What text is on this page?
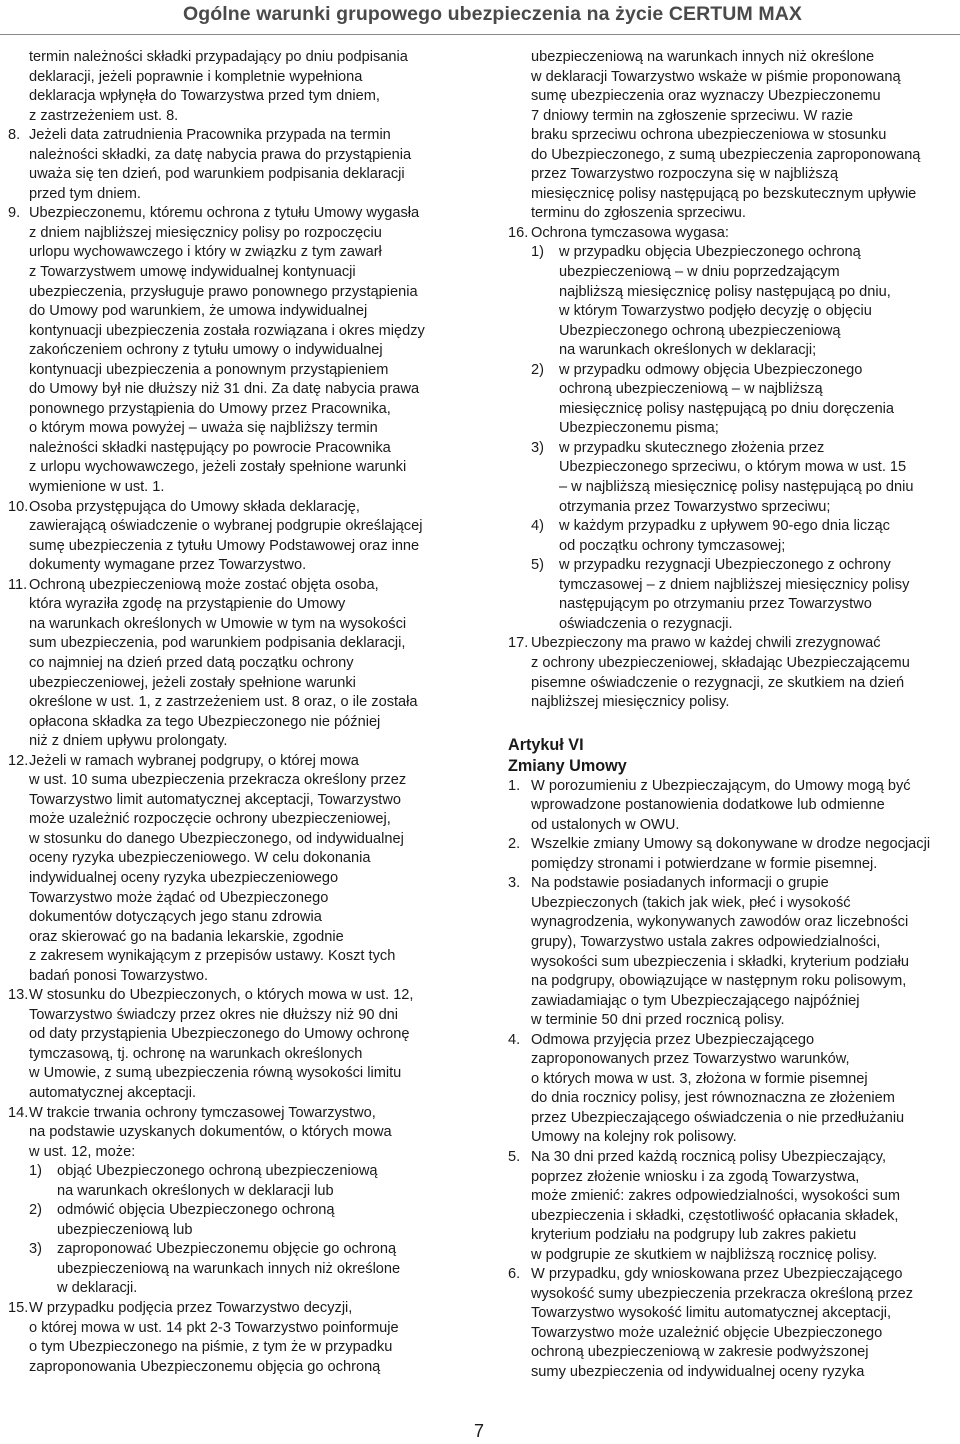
Ogólne warunki grupowego ubezpieczenia na życie CERTUM MAX
termin należności składki przypadający po dniu podpisania
deklaracji, jeżeli poprawnie i kompletnie wypełniona
deklaracja wpłynęła do Towarzystwa przed tym dniem,
z zastrzeżeniem ust. 8.
8. Jeżeli data zatrudnienia Pracownika przypada na termin
należności składki, za datę nabycia prawa do przystąpienia
uważa się ten dzień, pod warunkiem podpisania deklaracji
przed tym dniem.
9. Ubezpieczonemu, któremu ochrona z tytułu Umowy wygasła
z dniem najbliższej miesięcznicy polisy po rozpoczęciu
urlopu wychowawczego i który w związku z tym zawarł
z Towarzystwem umowę indywidualnej kontynuacji
ubezpieczenia, przysługuje prawo ponownego przystąpienia
do Umowy pod warunkiem, że umowa indywidualnej
kontynuacji ubezpieczenia została rozwiązana i okres między
zakończeniem ochrony z tytułu umowy o indywidualnej
kontynuacji ubezpieczenia a ponownym przystąpieniem
do Umowy był nie dłuższy niż 31 dni. Za datę nabycia prawa
ponownego przystąpienia do Umowy przez Pracownika,
o którym mowa powyżej – uważa się najbliższy termin
należności składki następujący po powrocie Pracownika
z urlopu wychowawczego, jeżeli zostały spełnione warunki
wymienione w ust. 1.
10. Osoba przystępująca do Umowy składa deklarację,
zawierającą oświadczenie o wybranej podgrupie określającej
sumę ubezpieczenia z tytułu Umowy Podstawowej oraz inne
dokumenty wymagane przez Towarzystwo.
11. Ochroną ubezpieczeniową może zostać objęta osoba,
która wyraziła zgodę na przystąpienie do Umowy
na warunkach określonych w Umowie w tym na wysokości
sum ubezpieczenia, pod warunkiem podpisania deklaracji,
co najmniej na dzień przed datą początku ochrony
ubezpieczeniowej, jeżeli zostały spełnione warunki
określone w ust. 1, z zastrzeżeniem ust. 8 oraz, o ile została
opłacona składka za tego Ubezpieczonego nie później
niż z dniem upływu prolongaty.
12. Jeżeli w ramach wybranej podgrupy, o której mowa
w ust. 10 suma ubezpieczenia przekracza określony przez
Towarzystwo limit automatycznej akceptacji, Towarzystwo
może uzależnić rozpoczęcie ochrony ubezpieczeniowej,
w stosunku do danego Ubezpieczonego, od indywidualnej
oceny ryzyka ubezpieczeniowego. W celu dokonania
indywidualnej oceny ryzyka ubezpieczeniowego
Towarzystwo może żądać od Ubezpieczonego
dokumentów dotyczących jego stanu zdrowia
oraz skierować go na badania lekarskie, zgodnie
z zakresem wynikającym z przepisów ustawy. Koszt tych
badań ponosi Towarzystwo.
13. W stosunku do Ubezpieczonych, o których mowa w ust. 12,
Towarzystwo świadczy przez okres nie dłuższy niż 90 dni
od daty przystąpienia Ubezpieczonego do Umowy ochronę
tymczasową, tj. ochronę na warunkach określonych
w Umowie, z sumą ubezpieczenia równą wysokości limitu
automatycznej akceptacji.
14. W trakcie trwania ochrony tymczasowej Towarzystwo,
na podstawie uzyskanych dokumentów, o których mowa
w ust. 12, może:
1) objąć Ubezpieczonego ochroną ubezpieczeniową
na warunkach określonych w deklaracji lub
2) odmówić objęcia Ubezpieczonego ochroną
ubezpieczeniową lub
3) zaproponować Ubezpieczonemu objęcie go ochroną
ubezpieczeniową na warunkach innych niż określone
w deklaracji.
15. W przypadku podjęcia przez Towarzystwo decyzji,
o której mowa w ust. 14 pkt 2-3 Towarzystwo poinformuje
o tym Ubezpieczonego na piśmie, z tym że w przypadku
zaproponowania Ubezpieczonemu objęcia go ochroną
ubezpieczeniową na warunkach innych niż określone
w deklaracji Towarzystwo wskaże w piśmie proponowaną
sumę ubezpieczenia oraz wyznaczy Ubezpieczonemu
7 dniowy termin na zgłoszenie sprzeciwu. W razie
braku sprzeciwu ochrona ubezpieczeniowa w stosunku
do Ubezpieczonego, z sumą ubezpieczenia zaproponowaną
przez Towarzystwo rozpoczyna się w najbliższą
miesięcznicę polisy następującą po bezskutecznym upływie
terminu do zgłoszenia sprzeciwu.
16. Ochrona tymczasowa wygasa:
1) w przypadku objęcia Ubezpieczonego ochroną
ubezpieczeniową – w dniu poprzedzającym
najbliższą miesięcznicę polisy następującą po dniu,
w którym Towarzystwo podjęło decyzję o objęciu
Ubezpieczonego ochroną ubezpieczeniową
na warunkach określonych w deklaracji;
2) w przypadku odmowy objęcia Ubezpieczonego
ochroną ubezpieczeniową – w najbliższą
miesięcznicę polisy następującą po dniu doręczenia
Ubezpieczonemu pisma;
3) w przypadku skutecznego złożenia przez
Ubezpieczonego sprzeciwu, o którym mowa w ust. 15
– w najbliższą miesięcznicę polisy następującą po dniu
otrzymania przez Towarzystwo sprzeciwu;
4) w każdym przypadku z upływem 90-ego dnia licząc
od początku ochrony tymczasowej;
5) w przypadku rezygnacji Ubezpieczonego z ochrony
tymczasowej – z dniem najbliższej miesięcznicy polisy
następującym po otrzymaniu przez Towarzystwo
oświadczenia o rezygnacji.
17. Ubezpieczony ma prawo w każdej chwili zrezygnować
z ochrony ubezpieczeniowej, składając Ubezpieczającemu
pisemne oświadczenie o rezygnacji, ze skutkiem na dzień
najbliższej miesięcznicy polisy.
Artykuł VI
Zmiany Umowy
1. W porozumieniu z Ubezpieczającym, do Umowy mogą być
wprowadzone postanowienia dodatkowe lub odmienne
od ustalonych w OWU.
2. Wszelkie zmiany Umowy są dokonywane w drodze negocjacji
pomiędzy stronami i potwierdzane w formie pisemnej.
3. Na podstawie posiadanych informacji o grupie
Ubezpieczonych (takich jak wiek, płeć i wysokość
wynagrodzenia, wykonywanych zawodów oraz liczebności
grupy), Towarzystwo ustala zakres odpowiedzialności,
wysokości sum ubezpieczenia i składki, kryterium podziału
na podgrupy, obowiązujące w następnym roku polisowym,
zawiadamiając o tym Ubezpieczającego najpóźniej
w terminie 50 dni przed rocznicą polisy.
4. Odmowa przyjęcia przez Ubezpieczającego
zaproponowanych przez Towarzystwo warunków,
o których mowa w ust. 3, złożona w formie pisemnej
do dnia rocznicy polisy, jest równoznaczna ze złożeniem
przez Ubezpieczającego oświadczenia o nie przedłużaniu
Umowy na kolejny rok polisowy.
5. Na 30 dni przed każdą rocznicą polisy Ubezpieczający,
poprzez złożenie wniosku i za zgodą Towarzystwa,
może zmienić: zakres odpowiedzialności, wysokości sum
ubezpieczenia i składki, częstotliwość opłacania składek,
kryterium podziału na podgrupy lub zakres pakietu
w podgrupie ze skutkiem w najbliższą rocznicę polisy.
6. W przypadku, gdy wnioskowana przez Ubezpieczającego
wysokość sumy ubezpieczenia przekracza określoną przez
Towarzystwo wysokość limitu automatycznej akceptacji,
Towarzystwo może uzależnić objęcie Ubezpieczonego
ochroną ubezpieczeniową w zakresie podwyższonej
sumy ubezpieczenia od indywidualnej oceny ryzyka
7
